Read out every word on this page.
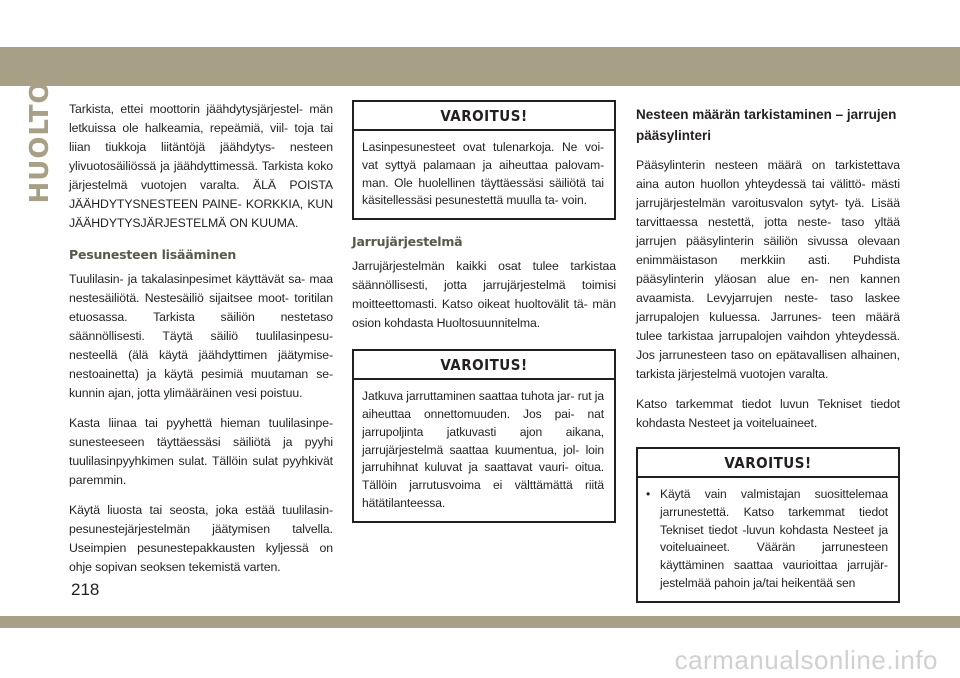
HUOLTO Tarkista, ettei moottorin jäähdytysjärjestel- män letkuissa ole halkeamia, repeämiä, viil- toja tai liian tiukkoja liitäntöjä jäähdytys- nesteen ylivuotosäiliössä ja jäähdyttimessä. Tarkista koko järjestelmä vuotojen varalta. ÄLÄ POISTA JÄÄHDYTYSNESTEEN PAINE- KORKKIA, KUN JÄÄHDYTYSJÄRJESTELMÄ ON KUUMA.

Pesunesteen lisääminen

Tuulilasin- ja takalasinpesimet käyttävät sa- maa nestesäiliötä. Nestesäiliö sijaitsee moot- toritilan etuosassa. Tarkista säiliön nestetaso säännöllisesti. Täytä säiliö tuulilasinpesu- nesteellä (älä käytä jäähdyttimen jäätymise- nestoainetta) ja käytä pesimiä muutaman se- kunnin ajan, jotta ylimääräinen vesi poistuu.

Kasta liinaa tai pyyhettä hieman tuulilasinpe- sunesteeseen täyttäessäsi säiliötä ja pyyhi tuulilasinpyyhkimen sulat. Tällöin sulat pyyhkivät paremmin.

Käytä liuosta tai seosta, joka estää tuulilasin- pesunestejärjestelmän jäätymisen talvella. Useimpien pesunestepakkausten kyljessä on ohje sopivan seoksen tekemistä varten.

VAROITUS!
Lasinpesunesteet ovat tulenarkoja. Ne voi- vat syttyä palamaan ja aiheuttaa palovam- man. Ole huolellinen täyttäessäsi säiliötä tai käsitellessäsi pesunestettä muulla ta- voin.
Jarrujärjestelmä

Jarrujärjestelmän kaikki osat tulee tarkistaa säännöllisesti, jotta jarrujärjestelmä toimisi moitteettomasti. Katso oikeat huoltovälit tä- män osion kohdasta Huoltosuunnitelma.

VAROITUS!
Jatkuva jarruttaminen saattaa tuhota jar- rut ja aiheuttaa onnettomuuden. Jos pai- nat jarrupoljinta jatkuvasti ajon aikana, jarrujärjestelmä saattaa kuumentua, jol- loin jarruhihnat kuluvat ja saattavat vauri- oitua. Tällöin jarrutusvoima ei välttämättä riitä hätätilanteessa.
Nesteen määrän tarkistaminen – jarrujen pääsylinteri

Pääsylinterin nesteen määrä on tarkistettava aina auton huollon yhteydessä tai välittö- mästi jarrujärjestelmän varoitusvalon sytyt- tyä. Lisää tarvittaessa nestettä, jotta neste- taso yltää jarrujen pääsylinterin säiliön sivussa olevaan enimmäistason merkkiin asti. Puhdista pääsylinterin yläosan alue en- nen kannen avaamista. Levyjarrujen neste- taso laskee jarrupalojen kuluessa. Jarrunes- teen määrä tulee tarkistaa jarrupalojen vaihdon yhteydessä. Jos jarrunesteen taso on epätavallisen alhainen, tarkista järjestelmä vuotojen varalta.

Katso tarkemmat tiedot luvun Tekniset tiedot kohdasta Nesteet ja voiteluaineet.

VAROITUS!
• Käytä vain valmistajan suosittelemaa jarrunestettä. Katso tarkemmat tiedot Tekniset tiedot -luvun kohdasta Nesteet ja voiteluaineet. Väärän jarrunesteen käyttäminen saattaa vaurioittaa jarrujär- jestelmää pahoin ja/tai heikentää sen
218
carmanualsonline.info
